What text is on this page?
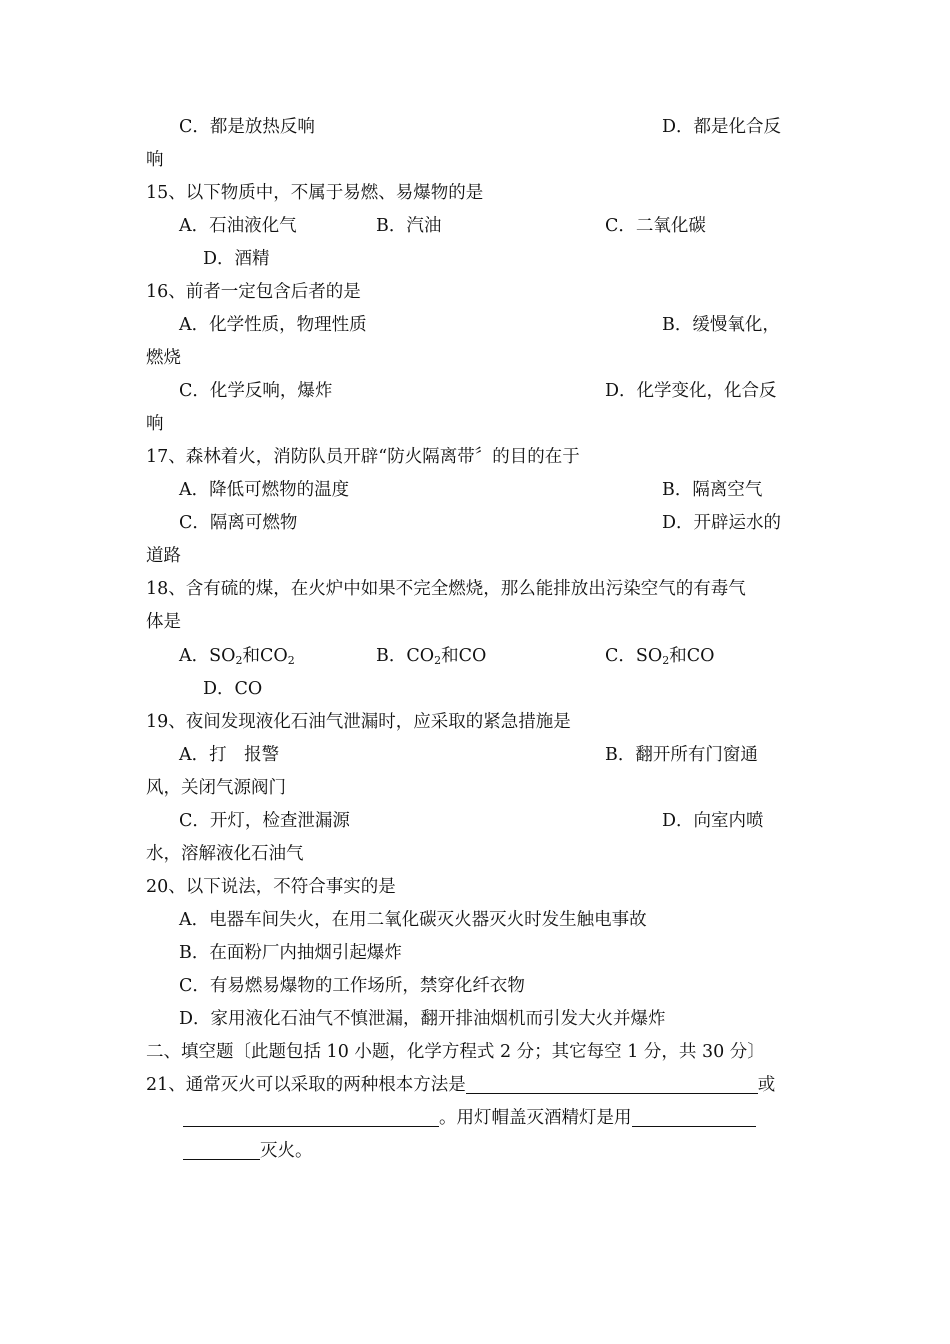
C．都是放热反响	D．都是化合反
响
15、以下物质中，不属于易燃、易爆物的是
A．石油液化气	B．汽油	C．二氧化碳
D．酒精
16、前者一定包含后者的是
A．化学性质，物理性质	B．缓慢氧化，
燃烧
C．化学反响，爆炸	D．化学变化，化合反
响
17、森林着火，消防队员开辟“防火隔离带〞的目的在于
A．降低可燃物的温度	B．隔离空气
C．隔离可燃物	D．开辟运水的
道路
18、含有硫的煤，在火炉中如果不完全燃烧，那么能排放出污染空气的有毒气
体是
A．$SO_2$和$CO_2$	B．$CO_2$和CO	C．$SO_2$和CO
D．CO
19、夜间发现液化石油气泄漏时，应采取的紧急措施是
A．打　报警	B．翻开所有门窗通
风，关闭气源阀门
C．开灯，检查泄漏源	D．向室内喷
水，溶解液化石油气
20、以下说法，不符合事实的是
A．电器车间失火，在用二氧化碳灭火器灭火时发生触电事故
B．在面粉厂内抽烟引起爆炸
C．有易燃易爆物的工作场所，禁穿化纤衣物
D．家用液化石油气不慎泄漏，翻开排油烟机而引发大火并爆炸
二、填空题〔此题包括 10 小题，化学方程式 2 分；其它每空 1 分，共 30 分〕
21、通常灭火可以采取的两种根本方法是	或
。用灯帽盖灭酒精灯是用
灭火。
